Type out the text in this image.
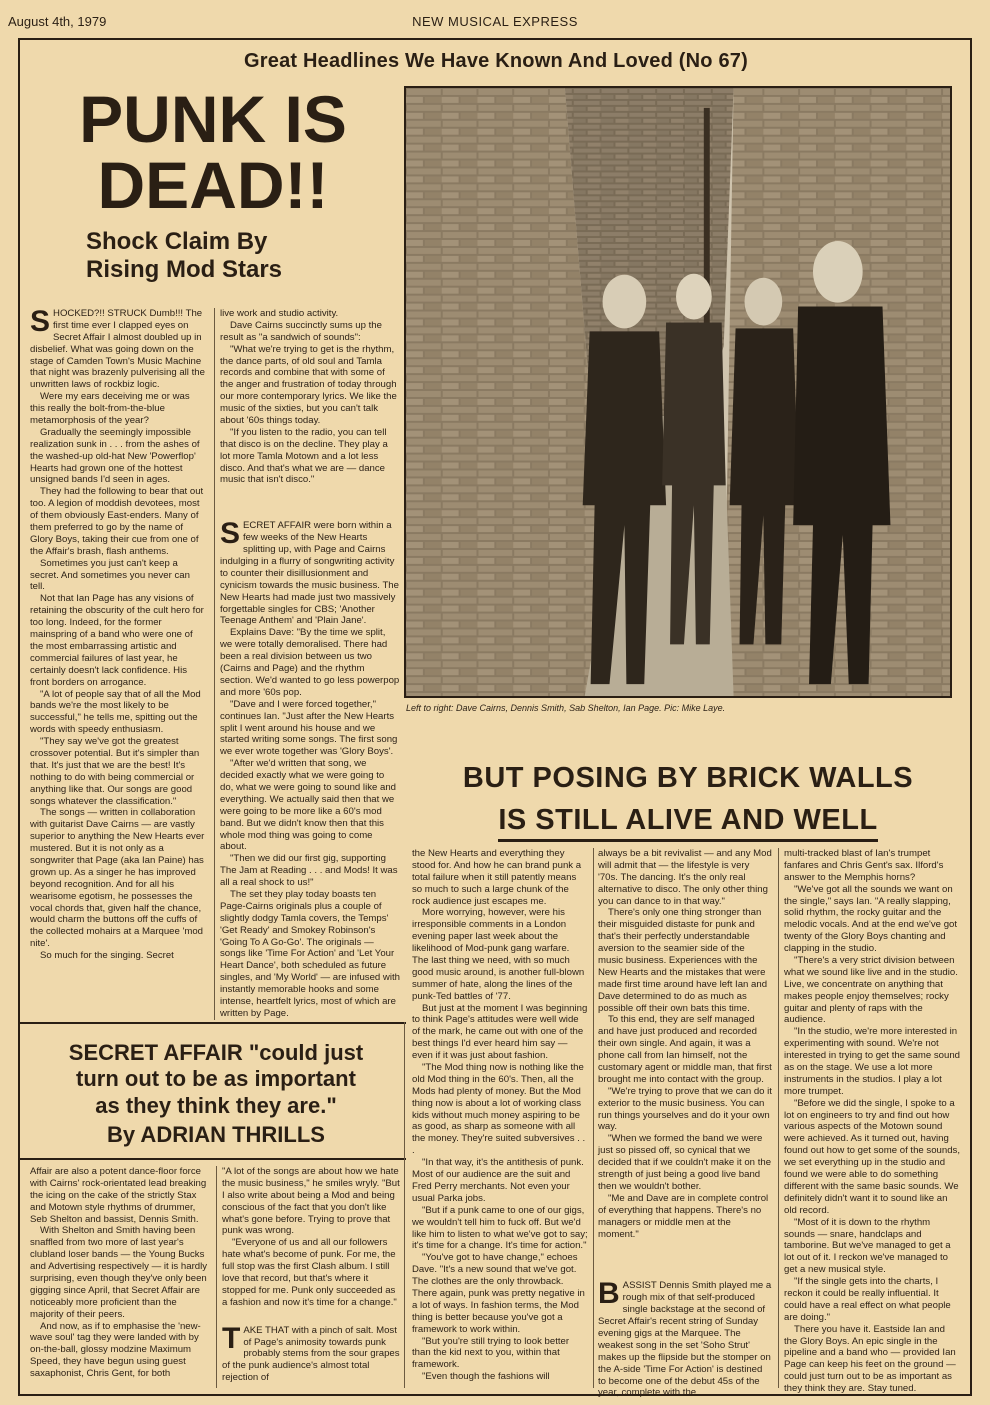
August 4th, 1979	NEW MUSICAL EXPRESS
Great Headlines We Have Known And Loved (No 67)
PUNK IS
DEAD!!
Shock Claim By
Rising Mod Stars
Left to right: Dave Cairns, Dennis Smith, Sab Shelton, Ian Page. Pic: Mike Laye.
BUT POSING BY BRICK WALLS
IS STILL ALIVE AND WELL

SHOCKED?!! STRUCK Dumb!!! The first time ever I clapped eyes on Secret Affair I almost doubled up in disbelief. What was going down on the stage of Camden Town's Music Machine that night was brazenly pulverising all the unwritten laws of rockbiz logic.

Were my ears deceiving me or was this really the bolt-from-the-blue metamorphosis of the year?

Gradually the seemingly impossible realization sunk in . . . from the ashes of the washed-up old-hat New 'Powerflop' Hearts had grown one of the hottest unsigned bands I'd seen in ages.

They had the following to bear that out too. A legion of moddish devotees, most of them obviously East-enders. Many of them preferred to go by the name of Glory Boys, taking their cue from one of the Affair's brash, flash anthems.

Sometimes you just can't keep a secret. And sometimes you never can tell.

Not that Ian Page has any visions of retaining the obscurity of the cult hero for too long. Indeed, for the former mainspring of a band who were one of the most embarrassing artistic and commercial failures of last year, he certainly doesn't lack confidence. His front borders on arrogance.

"A lot of people say that of all the Mod bands we're the most likely to be successful," he tells me, spitting out the words with speedy enthusiasm.

"They say we've got the greatest crossover potential. But it's simpler than that. It's just that we are the best! It's nothing to do with being commercial or anything like that. Our songs are good songs whatever the classification."

The songs — written in collaboration with guitarist Dave Cairns — are vastly superior to anything the New Hearts ever mustered. But it is not only as a songwriter that Page (aka Ian Paine) has grown up. As a singer he has improved beyond recognition. And for all his wearisome egotism, he possesses the vocal chords that, given half the chance, would charm the buttons off the cuffs of the collected mohairs at a Marquee 'mod nite'.

So much for the singing. Secret

live work and studio activity.

Dave Cairns succinctly sums up the result as "a sandwich of sounds":

"What we're trying to get is the rhythm, the dance parts, of old soul and Tamla records and combine that with some of the anger and frustration of today through our more contemporary lyrics. We like the music of the sixties, but you can't talk about '60s things today.

"If you listen to the radio, you can tell that disco is on the decline. They play a lot more Tamla Motown and a lot less disco. And that's what we are — dance music that isn't disco."

SECRET AFFAIR were born within a few weeks of the New Hearts splitting up, with Page and Cairns indulging in a flurry of songwriting activity to counter their disillusionment and cynicism towards the music business. The New Hearts had made just two massively forgettable singles for CBS; 'Another Teenage Anthem' and 'Plain Jane'.

Explains Dave: "By the time we split, we were totally demoralised. There had been a real division between us two (Cairns and Page) and the rhythm section. We'd wanted to go less powerpop and more '60s pop.

"Dave and I were forced together," continues Ian. "Just after the New Hearts split I went around his house and we started writing some songs. The first song we ever wrote together was 'Glory Boys'.

"After we'd written that song, we decided exactly what we were going to do, what we were going to sound like and everything. We actually said then that we were going to be more like a 60's mod band. But we didn't know then that this whole mod thing was going to come about.

"Then we did our first gig, supporting The Jam at Reading . . . and Mods! It was all a real shock to us!"

The set they play today boasts ten Page-Cairns originals plus a couple of slightly dodgy Tamla covers, the Temps' 'Get Ready' and Smokey Robinson's 'Going To A Go-Go'. The originals — songs like 'Time For Action' and 'Let Your Heart Dance', both scheduled as future singles, and 'My World' — are infused with instantly memorable hooks and some intense, heartfelt lyrics, most of which are written by Page.

the New Hearts and everything they stood for. And how he can brand punk a total failure when it still patently means so much to such a large chunk of the rock audience just escapes me.

More worrying, however, were his irresponsible comments in a London evening paper last week about the likelihood of Mod-punk gang warfare. The last thing we need, with so much good music around, is another full-blown summer of hate, along the lines of the punk-Ted battles of '77.

But just at the moment I was beginning to think Page's attitudes were well wide of the mark, he came out with one of the best things I'd ever heard him say — even if it was just about fashion.

"The Mod thing now is nothing like the old Mod thing in the 60's. Then, all the Mods had plenty of money. But the Mod thing now is about a lot of working class kids without much money aspiring to be as good, as sharp as someone with all the money. They're suited subversives . . .

"In that way, it's the antithesis of punk. Most of our audience are the suit and Fred Perry merchants. Not even your usual Parka jobs.

"But if a punk came to one of our gigs, we wouldn't tell him to fuck off. But we'd like him to listen to what we've got to say; it's time for a change. It's time for action."

"You've got to have change," echoes Dave. "It's a new sound that we've got. The clothes are the only throwback. There again, punk was pretty negative in a lot of ways. In fashion terms, the Mod thing is better because you've got a framework to work within.

"But you're still trying to look better than the kid next to you, within that framework.

"Even though the fashions will

always be a bit revivalist — and any Mod will admit that — the lifestyle is very '70s. The dancing. It's the only real alternative to disco. The only other thing you can dance to in that way."

There's only one thing stronger than their misguided distaste for punk and that's their perfectly understandable aversion to the seamier side of the music business. Experiences with the New Hearts and the mistakes that were made first time around have left Ian and Dave determined to do as much as possible off their own bats this time.

To this end, they are self managed and have just produced and recorded their own single. And again, it was a phone call from Ian himself, not the customary agent or middle man, that first brought me into contact with the group.

"We're trying to prove that we can do it exterior to the music business. You can run things yourselves and do it your own way.

"When we formed the band we were just so pissed off, so cynical that we decided that if we couldn't make it on the strength of just being a good live band then we wouldn't bother.

"Me and Dave are in complete control of everything that happens. There's no managers or middle men at the moment."

BASSIST Dennis Smith played me a rough mix of that self-produced single backstage at the second of Secret Affair's recent string of Sunday evening gigs at the Marquee. The weakest song in the set 'Soho Strut' makes up the flipside but the stomper on the A-side 'Time For Action' is destined to become one of the debut 45s of the year, complete with the

multi-tracked blast of Ian's trumpet fanfares and Chris Gent's sax. Ilford's answer to the Memphis horns?

"We've got all the sounds we want on the single," says Ian. "A really slapping, solid rhythm, the rocky guitar and the melodic vocals. And at the end we've got twenty of the Glory Boys chanting and clapping in the studio.

"There's a very strict division between what we sound like live and in the studio. Live, we concentrate on anything that makes people enjoy themselves; rocky guitar and plenty of raps with the audience.

"In the studio, we're more interested in experimenting with sound. We're not interested in trying to get the same sound as on the stage. We use a lot more instruments in the studios. I play a lot more trumpet.

"Before we did the single, I spoke to a lot on engineers to try and find out how various aspects of the Motown sound were achieved. As it turned out, having found out how to get some of the sounds, we set everything up in the studio and found we were able to do something different with the same basic sounds. We definitely didn't want it to sound like an old record.

"Most of it is down to the rhythm sounds — snare, handclaps and tamborine. But we've managed to get a lot out of it. I reckon we've managed to get a new musical style.

"If the single gets into the charts, I reckon it could be really influential. It could have a real effect on what people are doing."

There you have it. Eastside Ian and the Glory Boys. An epic single in the pipeline and a band who — provided Ian Page can keep his feet on the ground — could just turn out to be as important as they think they are. Stay tuned.

SECRET AFFAIR "could just
turn out to be as important
as they think they are."
By ADRIAN THRILLS

Affair are also a potent dance-floor force with Cairns' rock-orientated lead breaking the icing on the cake of the strictly Stax and Motown style rhythms of drummer, Seb Shelton and bassist, Dennis Smith.

With Shelton and Smith having been snaffled from two more of last year's clubland loser bands — the Young Bucks and Advertising respectively — it is hardly surprising, even though they've only been gigging since April, that Secret Affair are noticeably more proficient than the majority of their peers.

And now, as if to emphasise the 'new-wave soul' tag they were landed with by on-the-ball, glossy modzine Maximum Speed, they have begun using guest saxaphonist, Chris Gent, for both

"A lot of the songs are about how we hate the music business," he smiles wryly. "But I also write about being a Mod and being conscious of the fact that you don't like what's gone before. Trying to prove that punk was wrong.

"Everyone of us and all our followers hate what's become of punk. For me, the full stop was the first Clash album. I still love that record, but that's where it stopped for me. Punk only succeeded as a fashion and now it's time for a change."

TAKE THAT with a pinch of salt. Most of Page's animosity towards punk probably stems from the sour grapes of the punk audience's almost total rejection of
